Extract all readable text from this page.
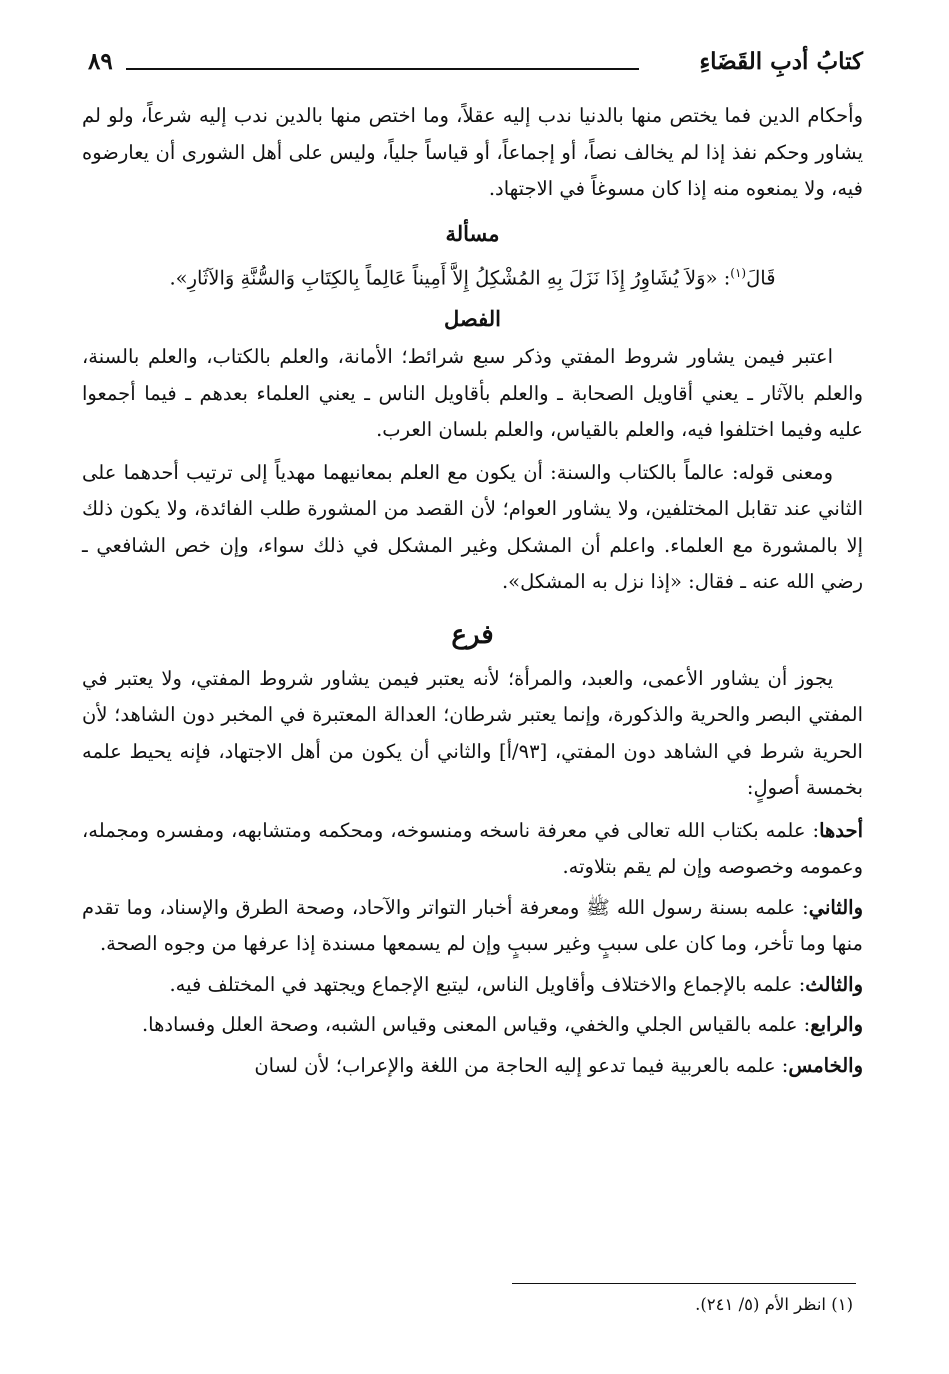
كتابُ أدبِ القَضَاءِ
٨٩

وأحكام الدين فما يختص منها بالدنيا ندب إليه عقلاً، وما اختص منها بالدين ندب إليه شرعاً، ولو لم يشاور وحكم نفذ إذا لم يخالف نصاً، أو إجماعاً، أو قياساً جلياً، وليس على أهل الشورى أن يعارضوه فيه، ولا يمنعوه منه إذا كان مسوغاً في الاجتهاد.

مسألة

قَالَ$^{(١)}$: «وَلاَ يُشَاوِرُ إِذَا نَزَلَ بِهِ المُشْكِلُ إِلاَّ أَمِيناً عَالِماً بِالكِتَابِ وَالسُّنَّةِ وَالآثَارِ».

الفصل

اعتبر فيمن يشاور شروط المفتي وذكر سبع شرائط؛ الأمانة، والعلم بالكتاب، والعلم بالسنة، والعلم بالآثار ـ يعني أقاويل الصحابة ـ والعلم بأقاويل الناس ـ يعني العلماء بعدهم ـ فيما أجمعوا عليه وفيما اختلفوا فيه، والعلم بالقياس، والعلم بلسان العرب.

ومعنى قوله: عالماً بالكتاب والسنة: أن يكون مع العلم بمعانيهما مهدياً إلى ترتيب أحدهما على الثاني عند تقابل المختلفين، ولا يشاور العوام؛ لأن القصد من المشورة طلب الفائدة، ولا يكون ذلك إلا بالمشورة مع العلماء. واعلم أن المشكل وغير المشكل في ذلك سواء، وإن خص الشافعي ـ رضي الله عنه ـ فقال: «إذا نزل به المشكل».

فرع

يجوز أن يشاور الأعمى، والعبد، والمرأة؛ لأنه يعتبر فيمن يشاور شروط المفتي، ولا يعتبر في المفتي البصر والحرية والذكورة، وإنما يعتبر شرطان؛ العدالة المعتبرة في المخبر دون الشاهد؛ لأن الحرية شرط في الشاهد دون المفتي، [٩٣/أ] والثاني أن يكون من أهل الاجتهاد، فإنه يحيط علمه بخمسة أصولٍ:

أحدها: علمه بكتاب الله تعالى في معرفة ناسخه ومنسوخه، ومحكمه ومتشابهه، ومفسره ومجمله، وعمومه وخصوصه وإن لم يقم بتلاوته.

والثاني: علمه بسنة رسول الله ﷺ ومعرفة أخبار التواتر والآحاد، وصحة الطرق والإسناد، وما تقدم منها وما تأخر، وما كان على سببٍ وغير سببٍ وإن لم يسمعها مسندة إذا عرفها من وجوه الصحة.

والثالث: علمه بالإجماع والاختلاف وأقاويل الناس، ليتبع الإجماع ويجتهد في المختلف فيه.

والرابع: علمه بالقياس الجلي والخفي، وقياس المعنى وقياس الشبه، وصحة العلل وفسادها.

والخامس: علمه بالعربية فيما تدعو إليه الحاجة من اللغة والإعراب؛ لأن لسان

(١) انظر الأم (٥/ ٢٤١).
